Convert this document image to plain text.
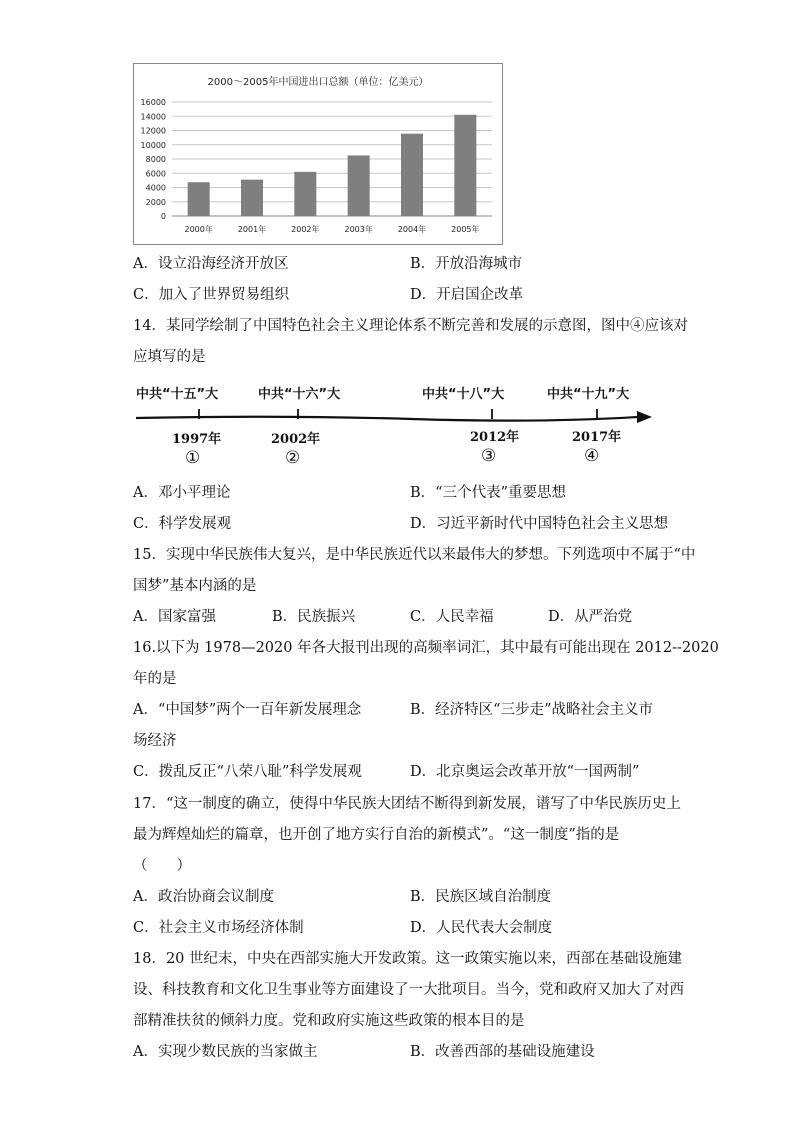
2000～2005年中国进出口总额（单位：亿美元）
0
2000
4000
6000
8000
10000
12000
14000
16000
2000年	2001年	2002年	2003年	2004年	2005年
A．设立沿海经济开放区	B．开放沿海城市
C．加入了世界贸易组织	D．开启国企改革
14．某同学绘制了中国特色社会主义理论体系不断完善和发展的示意图，图中④应该对
应填写的是
中共“十五”大	中共“十六”大	中共“十八”大	中共“十九”大
1997年	2002年	2012年	2017年
①	②	③	④
A．邓小平理论	B．“三个代表”重要思想
C．科学发展观	D．习近平新时代中国特色社会主义思想
15．实现中华民族伟大复兴，是中华民族近代以来最伟大的梦想。下列选项中不属于“中
国梦”基本内涵的是
A．国家富强	B．民族振兴	C．人民幸福	D．从严治党
16.以下为 1978—2020 年各大报刊出现的高频率词汇，其中最有可能出现在 2012--2020
年的是
A．“中国梦”两个一百年新发展理念	B．经济特区“三步走”战略社会主义市
场经济
C．拨乱反正“八荣八耻”科学发展观	D．北京奥运会改革开放“一国两制”
17．“这一制度的确立，使得中华民族大团结不断得到新发展，谱写了中华民族历史上
最为辉煌灿烂的篇章，也开创了地方实行自治的新模式”。“这一制度”指的是
（　　）
A．政治协商会议制度	B．民族区域自治制度
C．社会主义市场经济体制	D．人民代表大会制度
18．20 世纪末，中央在西部实施大开发政策。这一政策实施以来，西部在基础设施建
设、科技教育和文化卫生事业等方面建设了一大批项目。当今，党和政府又加大了对西
部精准扶贫的倾斜力度。党和政府实施这些政策的根本目的是
A．实现少数民族的当家做主	B．改善西部的基础设施建设
